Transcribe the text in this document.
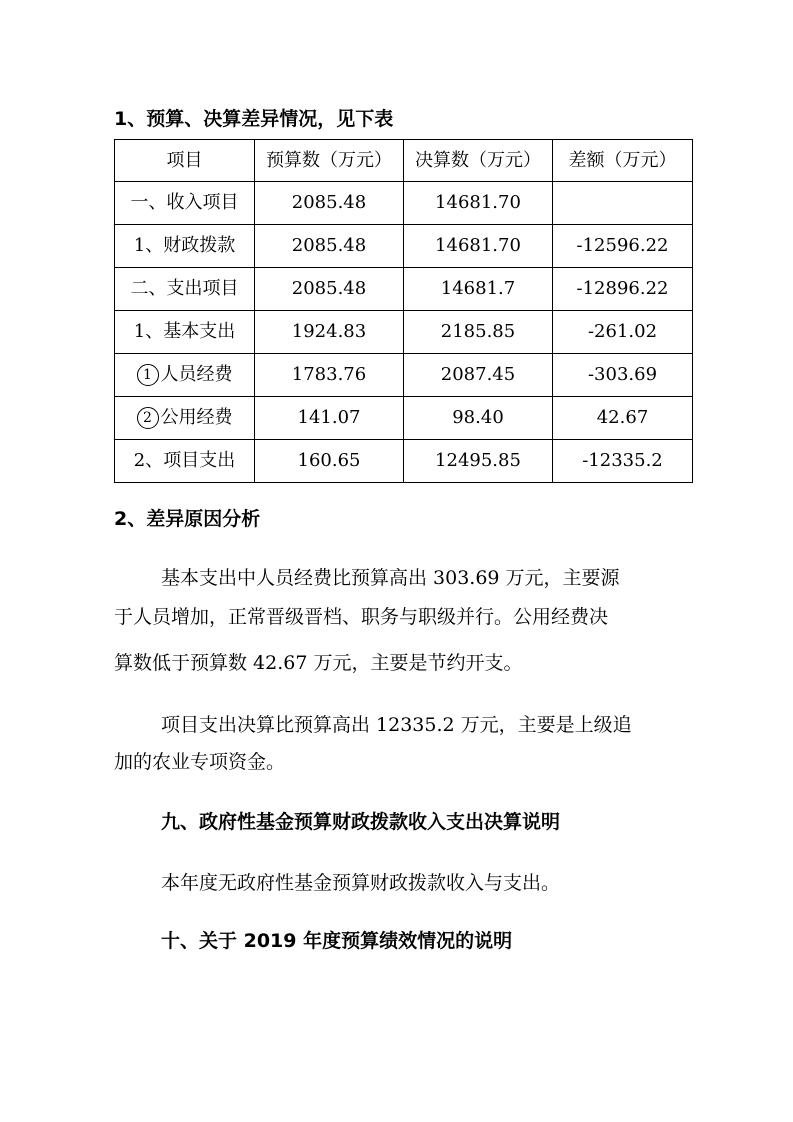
1、预算、决算差异情况，见下表
项目	预算数（万元）	决算数（万元）	差额（万元）
一、收入项目	2085.48	14681.70	
1、财政拨款	2085.48	14681.70	-12596.22
二、支出项目	2085.48	14681.7	-12896.22
1、基本支出	1924.83	2185.85	-261.02
1 人员经费	1783.76	2087.45	-303.69
2 公用经费	141.07	98.40	42.67
2、项目支出	160.65	12495.85	-12335.2
2、差异原因分析
基本支出中人员经费比预算高出 303.69 万元，主要源
于人员增加，正常晋级晋档、职务与职级并行。公用经费决
算数低于预算数 42.67 万元，主要是节约开支。
项目支出决算比预算高出 12335.2 万元，主要是上级追
加的农业专项资金。
九、政府性基金预算财政拨款收入支出决算说明
本年度无政府性基金预算财政拨款收入与支出。
十、关于 2019 年度预算绩效情况的说明
